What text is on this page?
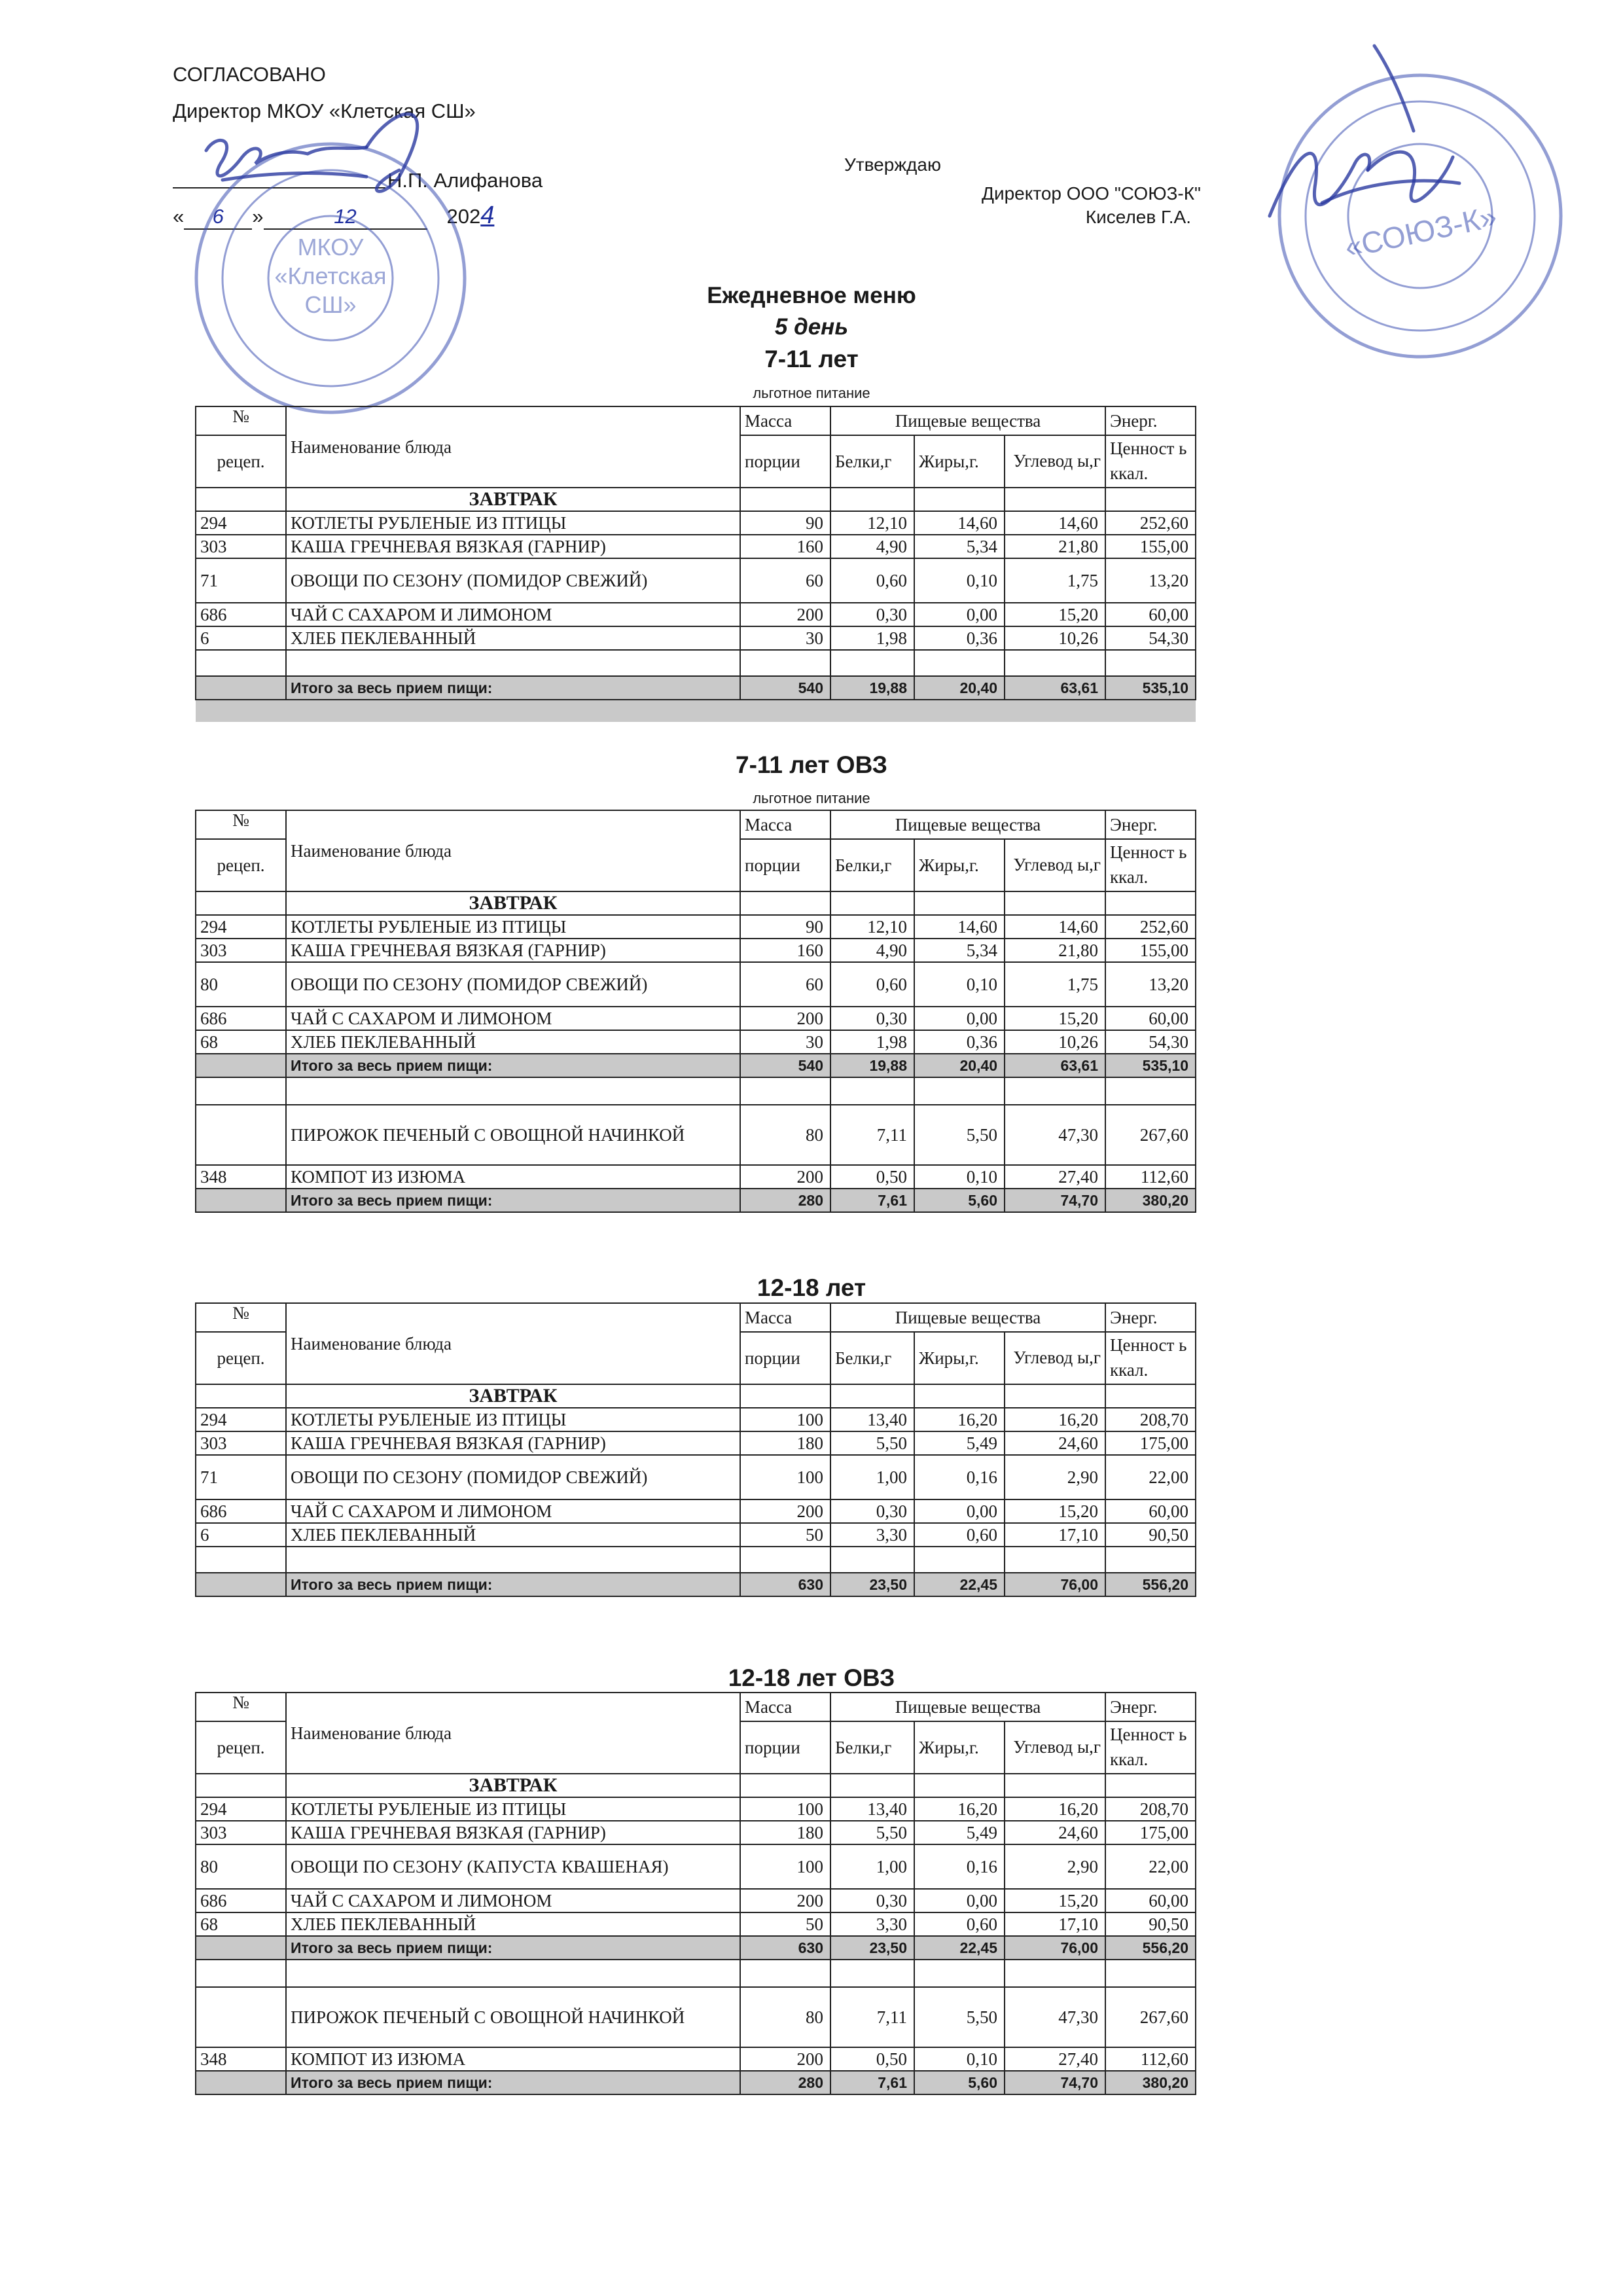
СОГЛАСОВАНО
Директор МКОУ «Клетская СШ»
Н.П. Алифанова
« 6 »	12	2024
Утверждаю
Директор ООО "СОЮЗ-К"
Киселев Г.А.
МКОУ
«Клетская
СШ»
«СОЮЗ-К»
Ежедневное меню
5 день
7-11 лет
льготное питание
№	Наименование блюда	Масса	Пищевые вещества			Энерг.
рецеп.		порции	Белки,г	Жиры,г.	Углевод ы,г	Ценност ь ккал.
	ЗАВТРАК					
294	КОТЛЕТЫ РУБЛЕНЫЕ ИЗ ПТИЦЫ	90	12,10	14,60	14,60	252,60
303	КАША ГРЕЧНЕВАЯ ВЯЗКАЯ (ГАРНИР)	160	4,90	5,34	21,80	155,00
71	ОВОЩИ ПО СЕЗОНУ (ПОМИДОР СВЕЖИЙ)	60	0,60	0,10	1,75	13,20
686	ЧАЙ С САХАРОМ И ЛИМОНОМ	200	0,30	0,00	15,20	60,00
6	ХЛЕБ ПЕКЛЕВАННЫЙ	30	1,98	0,36	10,26	54,30

	Итого за весь прием пищи:	540	19,88	20,40	63,61	535,10

7-11 лет ОВЗ
льготное питание
№	Наименование блюда	Масса	Пищевые вещества			Энерг.
рецеп.		порции	Белки,г	Жиры,г.	Углевод ы,г	Ценност ь ккал.
	ЗАВТРАК					
294	КОТЛЕТЫ РУБЛЕНЫЕ ИЗ ПТИЦЫ	90	12,10	14,60	14,60	252,60
303	КАША ГРЕЧНЕВАЯ ВЯЗКАЯ (ГАРНИР)	160	4,90	5,34	21,80	155,00
80	ОВОЩИ ПО СЕЗОНУ (ПОМИДОР СВЕЖИЙ)	60	0,60	0,10	1,75	13,20
686	ЧАЙ С САХАРОМ И ЛИМОНОМ	200	0,30	0,00	15,20	60,00
68	ХЛЕБ ПЕКЛЕВАННЫЙ	30	1,98	0,36	10,26	54,30
	Итого за весь прием пищи:	540	19,88	20,40	63,61	535,10

	ПИРОЖОК ПЕЧЕНЫЙ С ОВОЩНОЙ НАЧИНКОЙ	80	7,11	5,50	47,30	267,60
348	КОМПОТ ИЗ ИЗЮМА	200	0,50	0,10	27,40	112,60
	Итого за весь прием пищи:	280	7,61	5,60	74,70	380,20
12-18 лет
№	Наименование блюда	Масса	Пищевые вещества			Энерг.
рецеп.		порции	Белки,г	Жиры,г.	Углевод ы,г	Ценност ь ккал.
	ЗАВТРАК					
294	КОТЛЕТЫ РУБЛЕНЫЕ ИЗ ПТИЦЫ	100	13,40	16,20	16,20	208,70
303	КАША ГРЕЧНЕВАЯ ВЯЗКАЯ (ГАРНИР)	180	5,50	5,49	24,60	175,00
71	ОВОЩИ ПО СЕЗОНУ (ПОМИДОР СВЕЖИЙ)	100	1,00	0,16	2,90	22,00
686	ЧАЙ С САХАРОМ И ЛИМОНОМ	200	0,30	0,00	15,20	60,00
6	ХЛЕБ ПЕКЛЕВАННЫЙ	50	3,30	0,60	17,10	90,50

	Итого за весь прием пищи:	630	23,50	22,45	76,00	556,20
12-18 лет ОВЗ
№	Наименование блюда	Масса	Пищевые вещества			Энерг.
рецеп.		порции	Белки,г	Жиры,г.	Углевод ы,г	Ценност ь ккал.
	ЗАВТРАК					
294	КОТЛЕТЫ РУБЛЕНЫЕ ИЗ ПТИЦЫ	100	13,40	16,20	16,20	208,70
303	КАША ГРЕЧНЕВАЯ ВЯЗКАЯ (ГАРНИР)	180	5,50	5,49	24,60	175,00
80	ОВОЩИ ПО СЕЗОНУ (КАПУСТА КВАШЕНАЯ)	100	1,00	0,16	2,90	22,00
686	ЧАЙ С САХАРОМ И ЛИМОНОМ	200	0,30	0,00	15,20	60,00
68	ХЛЕБ ПЕКЛЕВАННЫЙ	50	3,30	0,60	17,10	90,50
	Итого за весь прием пищи:	630	23,50	22,45	76,00	556,20

	ПИРОЖОК ПЕЧЕНЫЙ С ОВОЩНОЙ НАЧИНКОЙ	80	7,11	5,50	47,30	267,60
348	КОМПОТ ИЗ ИЗЮМА	200	0,50	0,10	27,40	112,60
	Итого за весь прием пищи:	280	7,61	5,60	74,70	380,20
